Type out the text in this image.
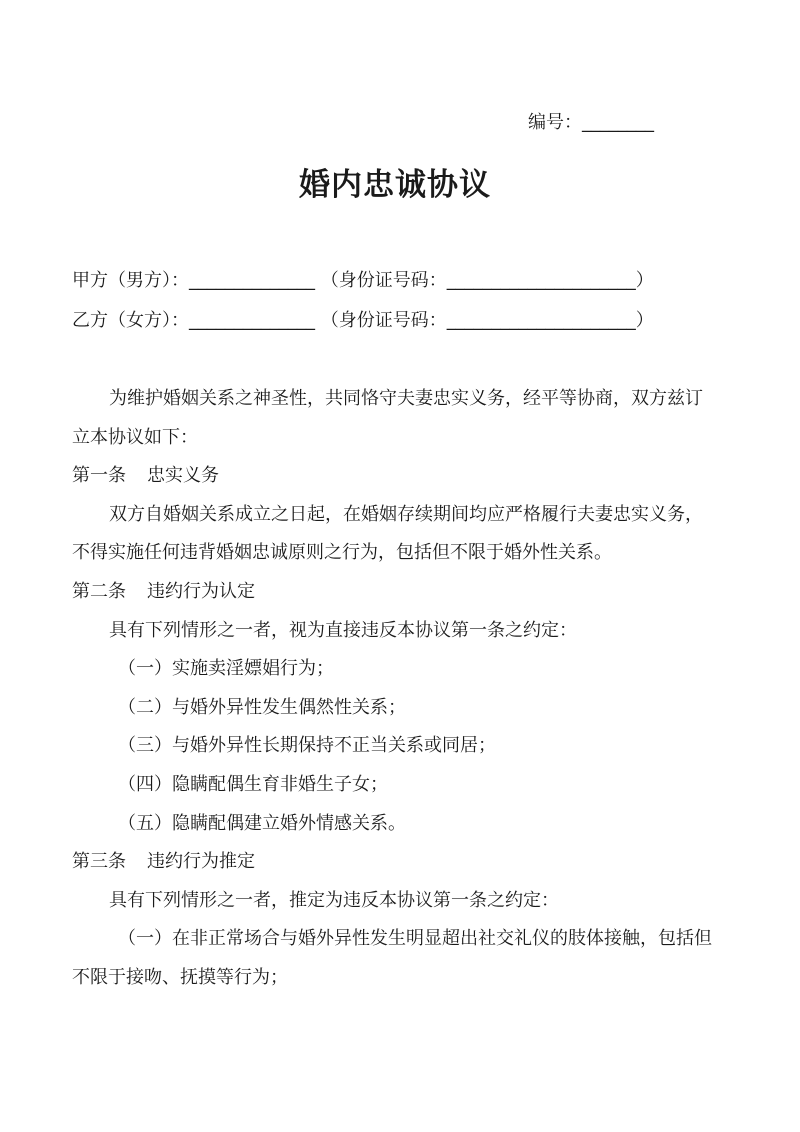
编号：________
婚内忠诚协议
甲方（男方）：______________ （身份证号码：_____________________）
乙方（女方）：______________ （身份证号码：_____________________）

为维护婚姻关系之神圣性，共同恪守夫妻忠实义务，经平等协商，双方兹订立本协议如下：

第一条 忠实义务

双方自婚姻关系成立之日起，在婚姻存续期间均应严格履行夫妻忠实义务，不得实施任何违背婚姻忠诚原则之行为，包括但不限于婚外性关系。

第二条 违约行为认定

具有下列情形之一者，视为直接违反本协议第一条之约定：

（一）实施卖淫嫖娼行为；

（二）与婚外异性发生偶然性关系；

（三）与婚外异性长期保持不正当关系或同居；

（四）隐瞒配偶生育非婚生子女；

（五）隐瞒配偶建立婚外情感关系。

第三条 违约行为推定

具有下列情形之一者，推定为违反本协议第一条之约定：

（一）在非正常场合与婚外异性发生明显超出社交礼仪的肢体接触，包括但不限于接吻、抚摸等行为；
